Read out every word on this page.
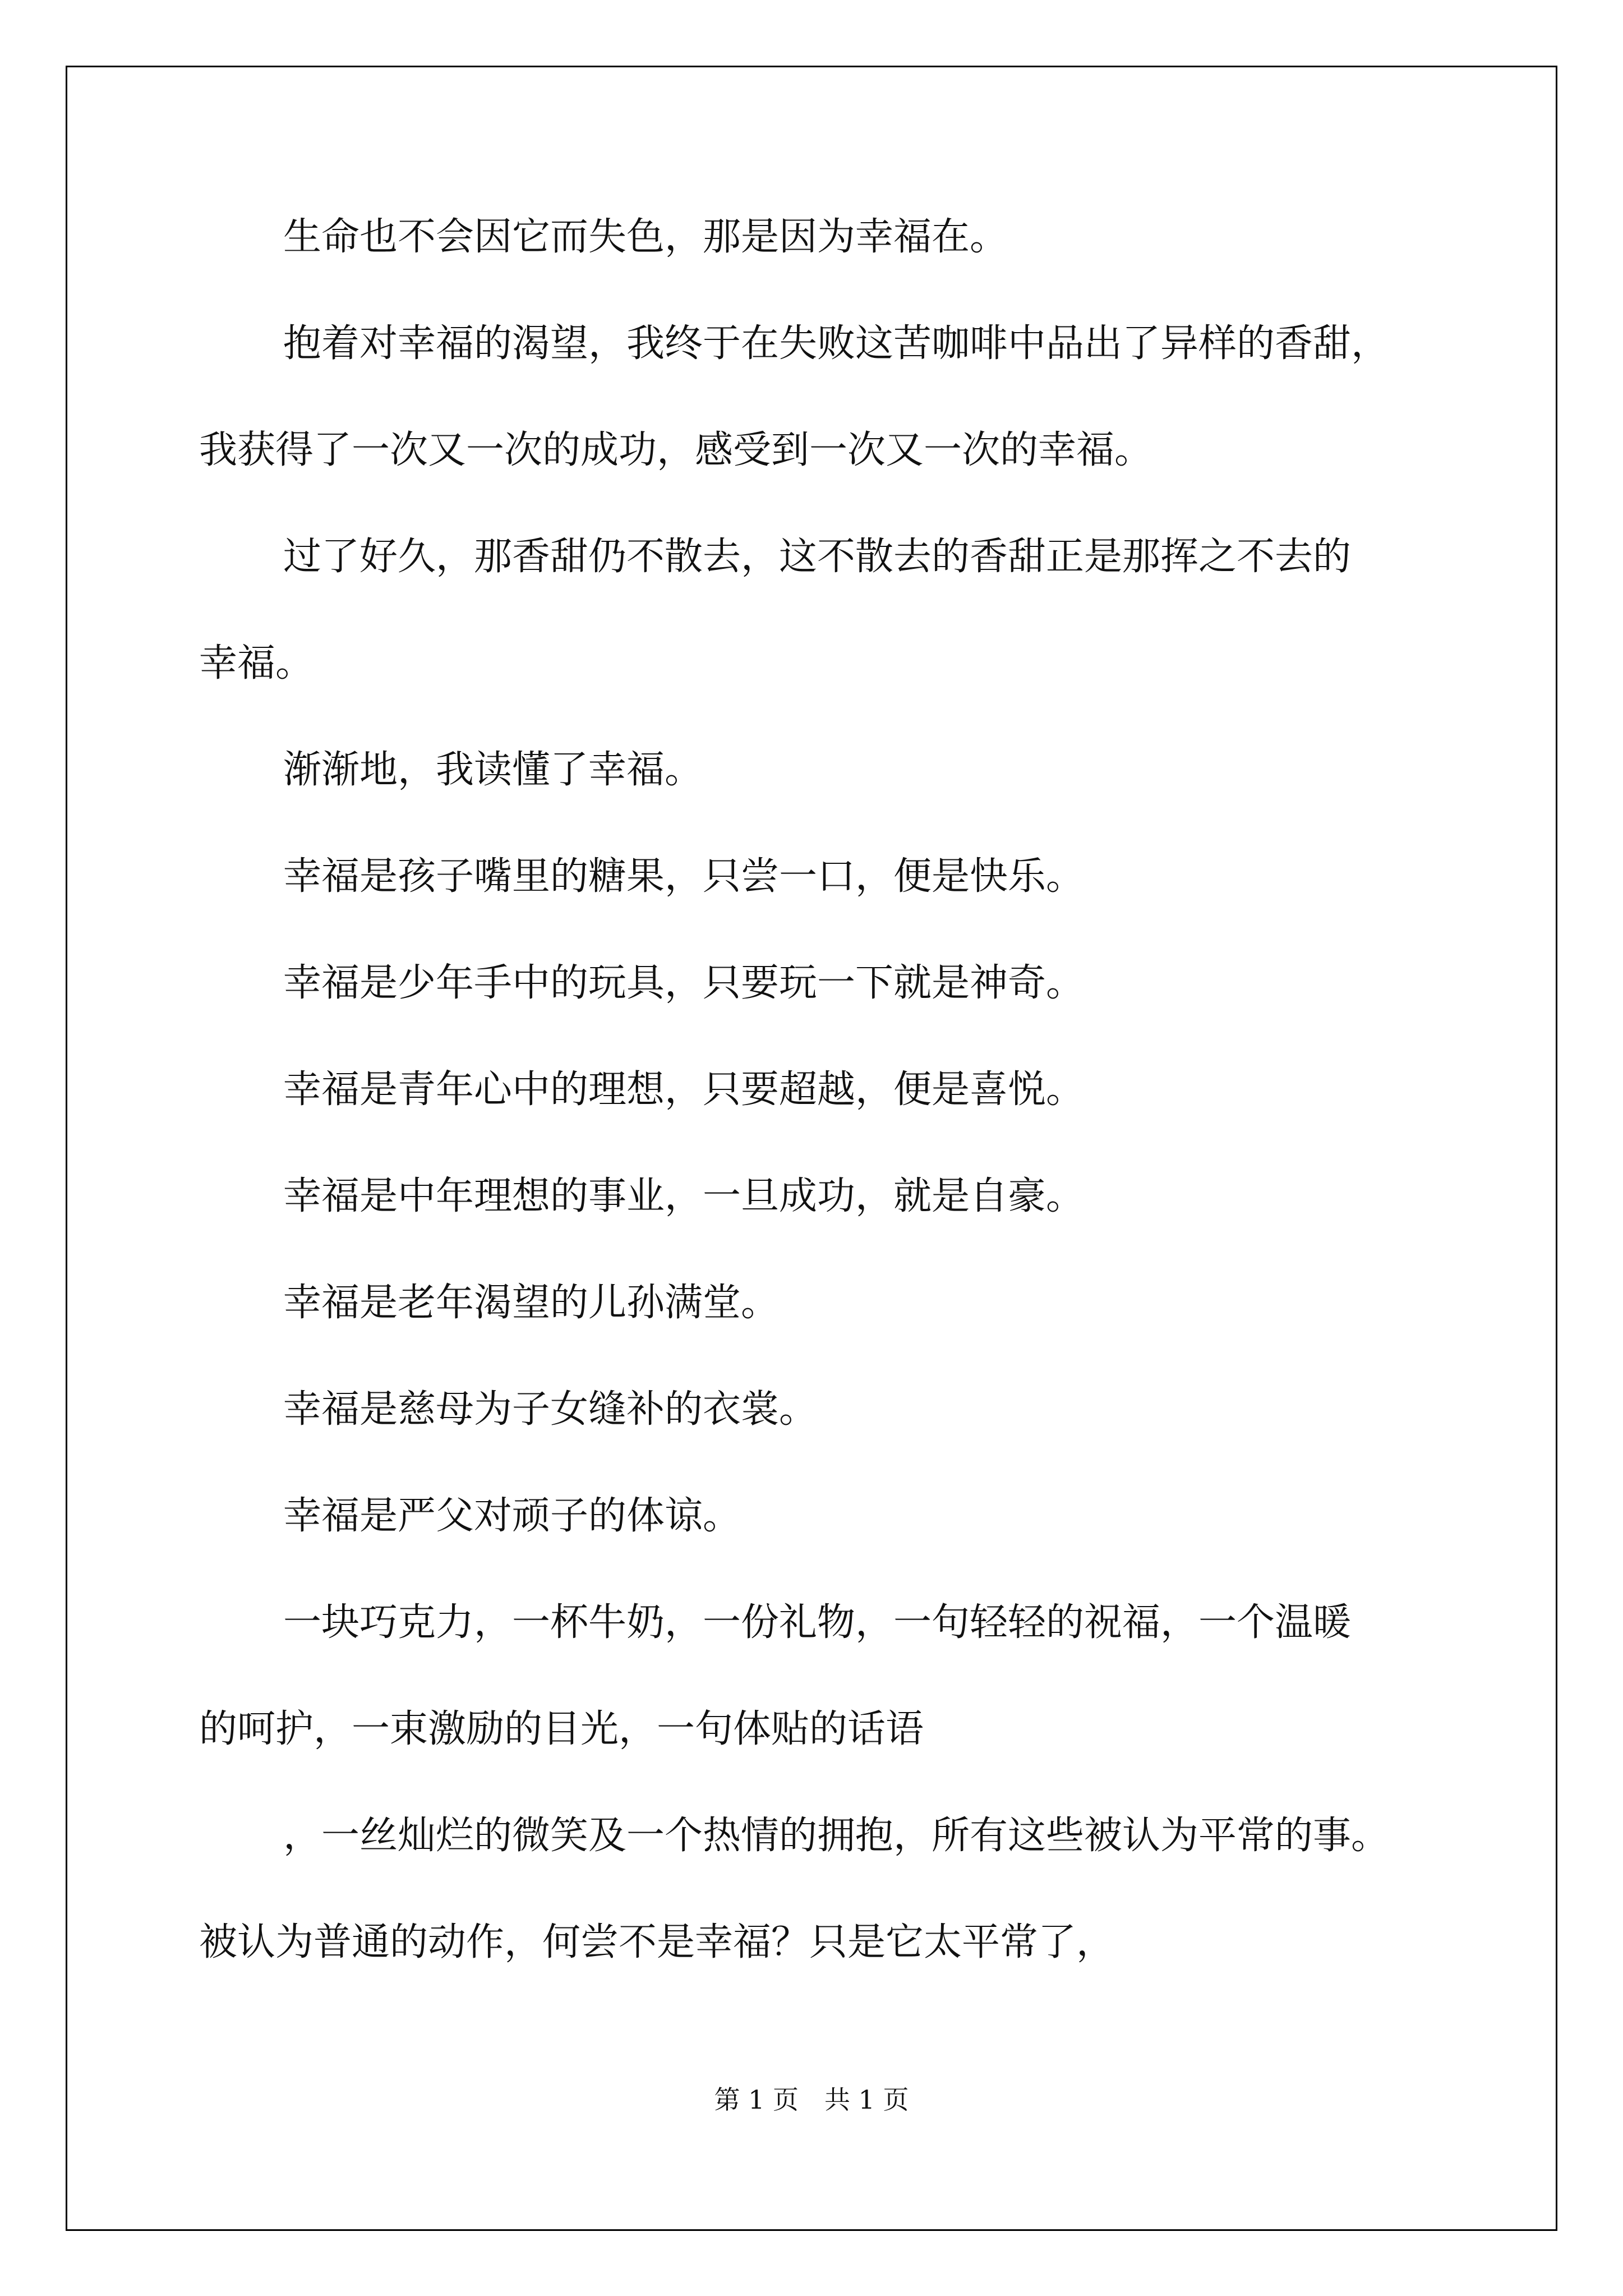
生命也不会因它而失色，那是因为幸福在。
抱着对幸福的渴望，我终于在失败这苦咖啡中品出了异样的香甜，
我获得了一次又一次的成功，感受到一次又一次的幸福。
过了好久，那香甜仍不散去，这不散去的香甜正是那挥之不去的
幸福。
渐渐地，我读懂了幸福。
幸福是孩子嘴里的糖果，只尝一口，便是快乐。
幸福是少年手中的玩具，只要玩一下就是神奇。
幸福是青年心中的理想，只要超越，便是喜悦。
幸福是中年理想的事业，一旦成功，就是自豪。
幸福是老年渴望的儿孙满堂。
幸福是慈母为子女缝补的衣裳。
幸福是严父对顽子的体谅。
一块巧克力，一杯牛奶，一份礼物，一句轻轻的祝福，一个温暖
的呵护，一束激励的目光，一句体贴的话语
，一丝灿烂的微笑及一个热情的拥抱，所有这些被认为平常的事。
被认为普通的动作，何尝不是幸福？只是它太平常了，
第 1 页　共 1 页
